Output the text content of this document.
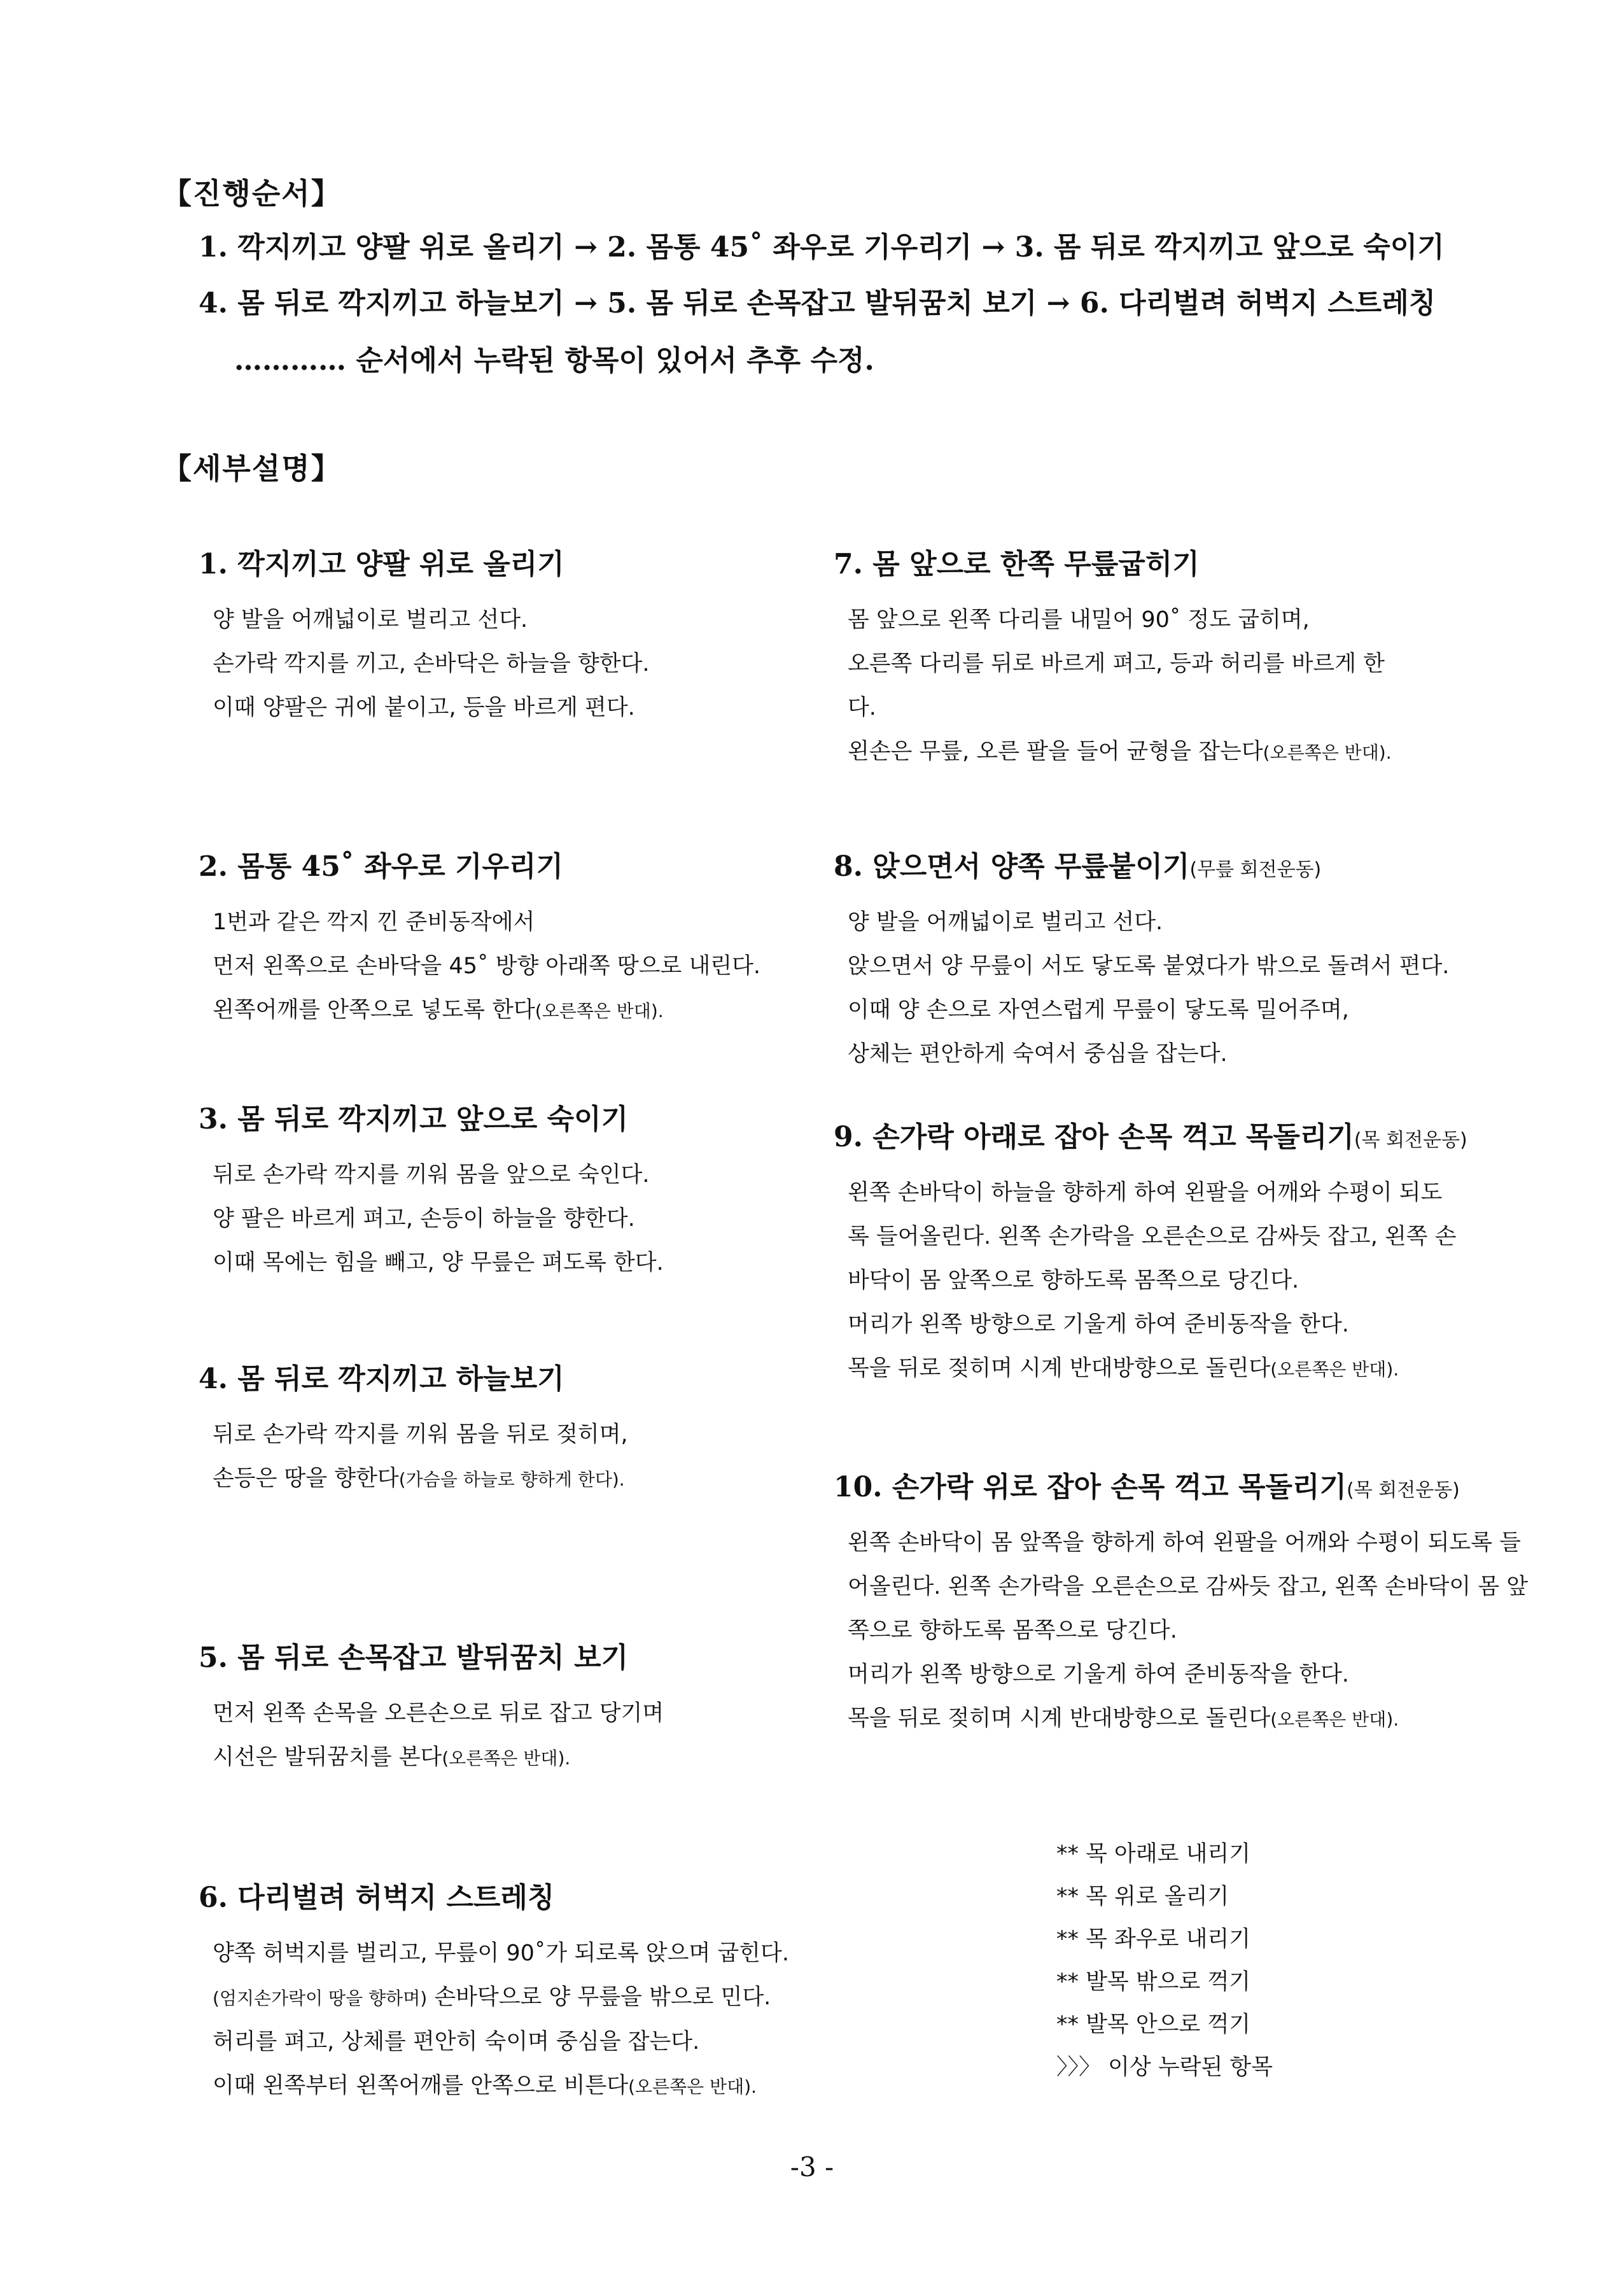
【진행순서】
1. 깍지끼고 양팔 위로 올리기 → 2. 몸통 45˚ 좌우로 기우리기 → 3. 몸 뒤로 깍지끼고 앞으로 숙이기
4. 몸 뒤로 깍지끼고 하늘보기 → 5. 몸 뒤로 손목잡고 발뒤꿈치 보기 → 6. 다리벌려 허벅지 스트레칭
………… 순서에서 누락된 항목이 있어서 추후 수정.
【세부설명】
1. 깍지끼고 양팔 위로 올리기
양 발을 어깨넓이로 벌리고 선다.
손가락 깍지를 끼고, 손바닥은 하늘을 향한다.
이때 양팔은 귀에 붙이고, 등을 바르게 편다.
2. 몸통 45˚ 좌우로 기우리기
1번과 같은 깍지 낀 준비동작에서
먼저 왼쪽으로 손바닥을 45˚ 방향 아래쪽 땅으로 내린다.
왼쪽어깨를 안쪽으로 넣도록 한다(오른쪽은 반대).
3. 몸 뒤로 깍지끼고 앞으로 숙이기
뒤로 손가락 깍지를 끼워 몸을 앞으로 숙인다.
양 팔은 바르게 펴고, 손등이 하늘을 향한다.
이때 목에는 힘을 빼고, 양 무릎은 펴도록 한다.
4. 몸 뒤로 깍지끼고 하늘보기
뒤로 손가락 깍지를 끼워 몸을 뒤로 젖히며,
손등은 땅을 향한다(가슴을 하늘로 향하게 한다).
5. 몸 뒤로 손목잡고 발뒤꿈치 보기
먼저 왼쪽 손목을 오른손으로 뒤로 잡고 당기며
시선은 발뒤꿈치를 본다(오른쪽은 반대).
6. 다리벌려 허벅지 스트레칭
양쪽 허벅지를 벌리고, 무릎이 90˚가 되로록 앉으며 굽힌다.
(엄지손가락이 땅을 향하며) 손바닥으로 양 무릎을 밖으로 민다.
허리를 펴고, 상체를 편안히 숙이며 중심을 잡는다.
이때 왼쪽부터 왼쪽어깨를 안쪽으로 비튼다(오른쪽은 반대).
7. 몸 앞으로 한쪽 무릎굽히기
몸 앞으로 왼쪽 다리를 내밀어 90˚ 정도 굽히며,
오른쪽 다리를 뒤로 바르게 펴고, 등과 허리를 바르게 한
다.
왼손은 무릎, 오른 팔을 들어 균형을 잡는다(오른쪽은 반대).
8. 앉으면서 양쪽 무릎붙이기(무릎 회전운동)
양 발을 어깨넓이로 벌리고 선다.
앉으면서 양 무릎이 서도 닿도록 붙였다가 밖으로 돌려서 편다.
이때 양 손으로 자연스럽게 무릎이 닿도록 밀어주며,
상체는 편안하게 숙여서 중심을 잡는다.
9. 손가락 아래로 잡아 손목 꺽고 목돌리기(목 회전운동)
왼쪽 손바닥이 하늘을 향하게 하여 왼팔을 어깨와 수평이 되도
록 들어올린다. 왼쪽 손가락을 오른손으로 감싸듯 잡고, 왼쪽 손
바닥이 몸 앞쪽으로 향하도록 몸쪽으로 당긴다.
머리가 왼쪽 방향으로 기울게 하여 준비동작을 한다.
목을 뒤로 젖히며 시계 반대방향으로 돌린다(오른쪽은 반대).
10. 손가락 위로 잡아 손목 꺽고 목돌리기(목 회전운동)
왼쪽 손바닥이 몸 앞쪽을 향하게 하여 왼팔을 어깨와 수평이 되도록 들
어올린다. 왼쪽 손가락을 오른손으로 감싸듯 잡고, 왼쪽 손바닥이 몸 앞
쪽으로 향하도록 몸쪽으로 당긴다.
머리가 왼쪽 방향으로 기울게 하여 준비동작을 한다.
목을 뒤로 젖히며 시계 반대방향으로 돌린다(오른쪽은 반대).
** 목 아래로 내리기
** 목 위로 올리기
** 목 좌우로 내리기
** 발목 밖으로 꺽기
** 발목 안으로 꺽기
〉〉〉 이상 누락된 항목
-3 -
